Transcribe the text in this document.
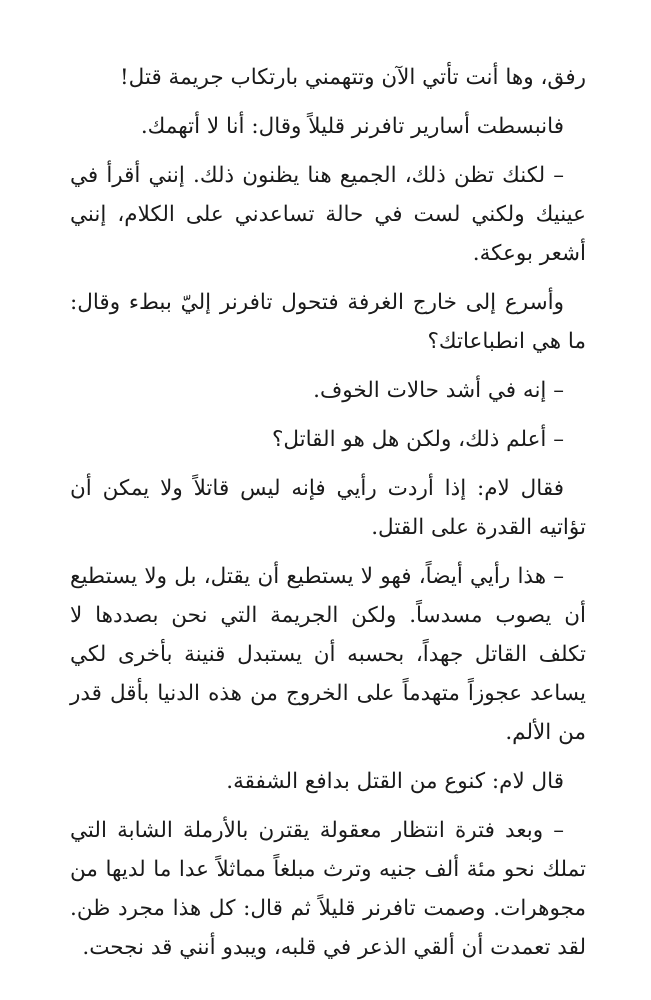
رفق، وها أنت تأتي الآن وتتهمني بارتكاب جريمة قتل!

فانبسطت أسارير تافرنر قليلاً وقال: أنا لا أتهمك.

– لكنك تظن ذلك، الجميع هنا يظنون ذلك. إنني أقرأ في عينيك ولكني لست في حالة تساعدني على الكلام، إنني أشعر بوعكة.

وأسرع إلى خارج الغرفة فتحول تافرنر إليّ ببطء وقال: ما هي انطباعاتك؟

– إنه في أشد حالات الخوف.

– أعلم ذلك، ولكن هل هو القاتل؟

فقال لام: إذا أردت رأيي فإنه ليس قاتلاً ولا يمكن أن تؤاتيه القدرة على القتل.

– هذا رأيي أيضاً، فهو لا يستطيع أن يقتل، بل ولا يستطيع أن يصوب مسدساً. ولكن الجريمة التي نحن بصددها لا تكلف القاتل جهداً، بحسبه أن يستبدل قنينة بأخرى لكي يساعد عجوزاً متهدماً على الخروج من هذه الدنيا بأقل قدر من الألم.

قال لام: كنوع من القتل بدافع الشفقة.

– وبعد فترة انتظار معقولة يقترن بالأرملة الشابة التي تملك نحو مئة ألف جنيه وترث مبلغاً مماثلاً عدا ما لديها من مجوهرات. وصمت تافرنر قليلاً ثم قال: كل هذا مجرد ظن. لقد تعمدت أن ألقي الذعر في قلبه، ويبدو أنني قد نجحت.
